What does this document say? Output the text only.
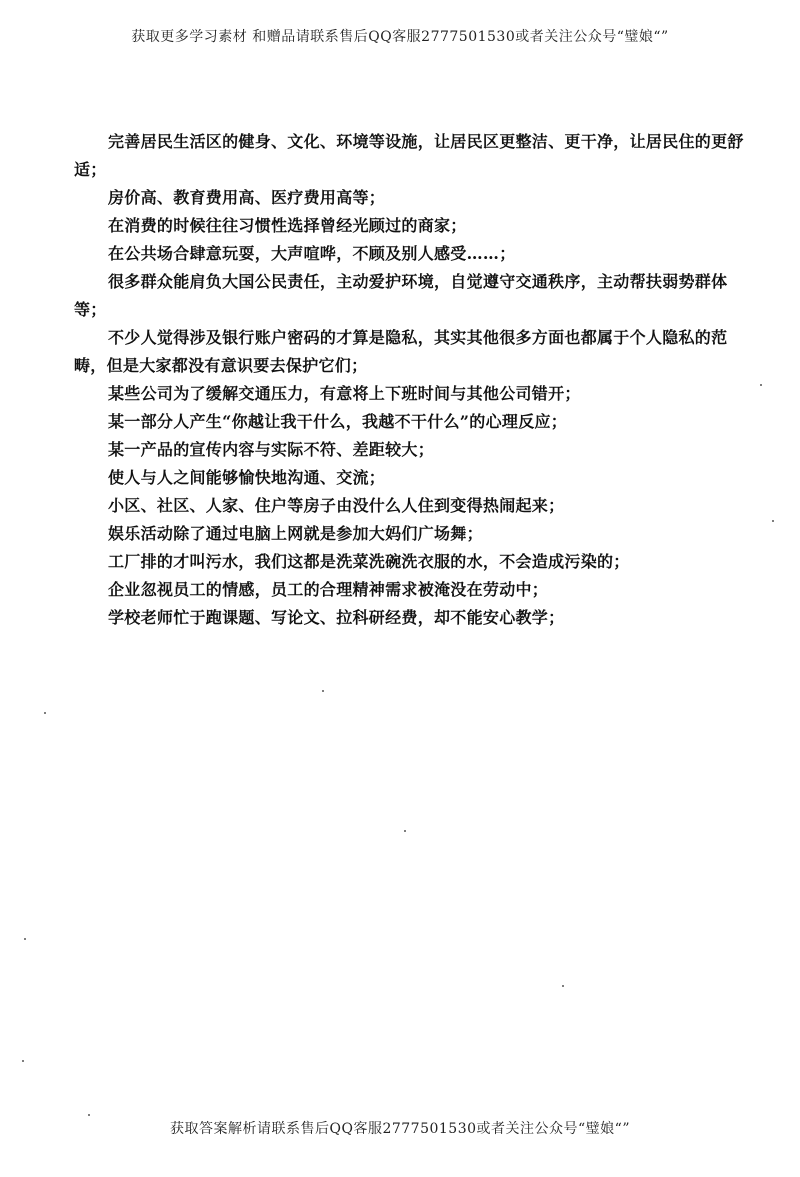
获取更多学习素材 和赠品请联系售后QQ客服2777501530或者关注公众号“璧娘“”

完善居民生活区的健身、文化、环境等设施，让居民区更整洁、更干净，让居民住的更舒适；

房价高、教育费用高、医疗费用高等；

在消费的时候往往习惯性选择曾经光顾过的商家；

在公共场合肆意玩耍，大声喧哗，不顾及别人感受……；

很多群众能肩负大国公民责任，主动爱护环境，自觉遵守交通秩序，主动帮扶弱势群体等；

不少人觉得涉及银行账户密码的才算是隐私，其实其他很多方面也都属于个人隐私的范畴，但是大家都没有意识要去保护它们；

某些公司为了缓解交通压力，有意将上下班时间与其他公司错开；

某一部分人产生“你越让我干什么，我越不干什么”的心理反应；

某一产品的宣传内容与实际不符、差距较大；

使人与人之间能够愉快地沟通、交流；

小区、社区、人家、住户等房子由没什么人住到变得热闹起来；

娱乐活动除了通过电脑上网就是参加大妈们广场舞；

工厂排的才叫污水，我们这都是洗菜洗碗洗衣服的水，不会造成污染的；

企业忽视员工的情感，员工的合理精神需求被淹没在劳动中；

学校老师忙于跑课题、写论文、拉科研经费，却不能安心教学；

获取答案解析请联系售后QQ客服2777501530或者关注公众号“璧娘“”
